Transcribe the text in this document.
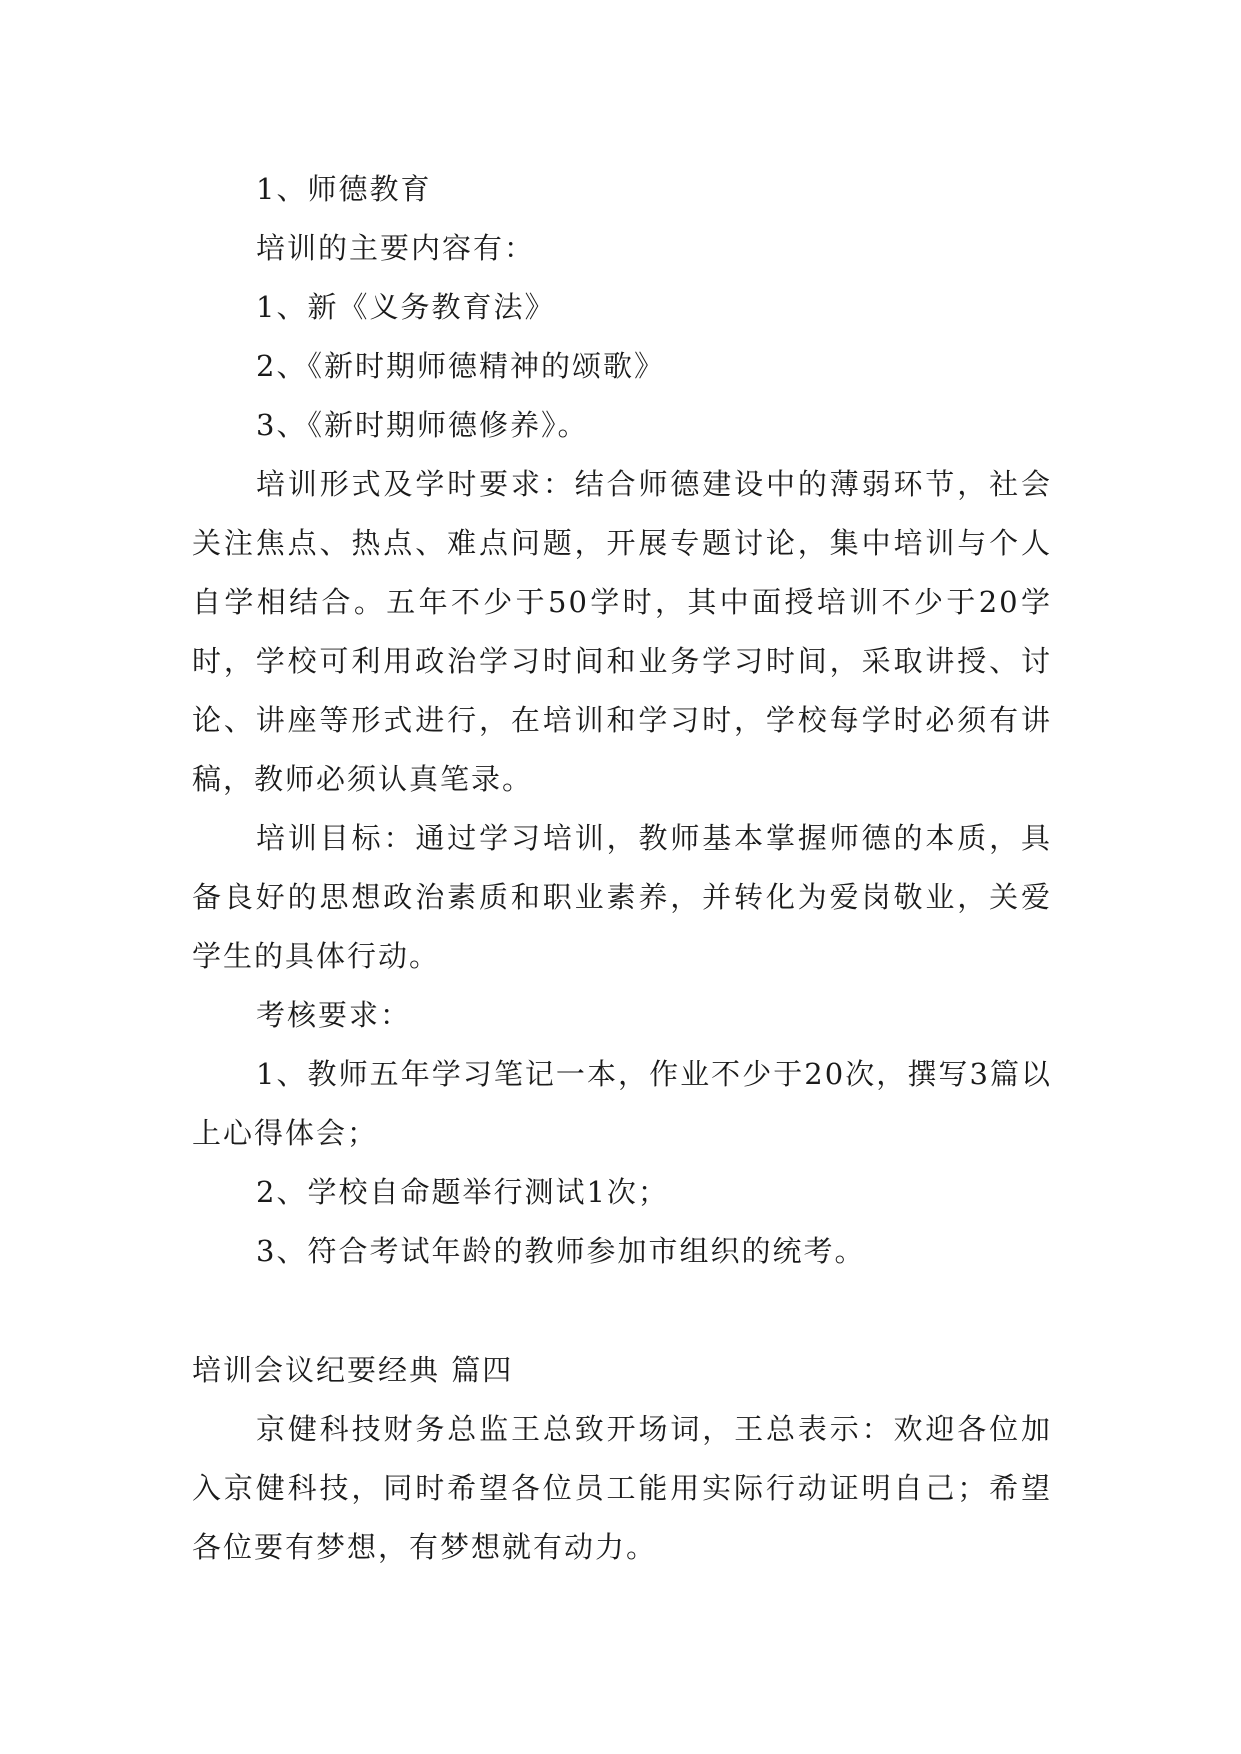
1、师德教育

培训的主要内容有：

1、新《义务教育法》

2、《新时期师德精神的颂歌》

3、《新时期师德修养》。

培训形式及学时要求：结合师德建设中的薄弱环节，社会关注焦点、热点、难点问题，开展专题讨论，集中培训与个人自学相结合。五年不少于50学时，其中面授培训不少于20学时，学校可利用政治学习时间和业务学习时间，采取讲授、讨论、讲座等形式进行，在培训和学习时，学校每学时必须有讲稿，教师必须认真笔录。

培训目标：通过学习培训，教师基本掌握师德的本质，具备良好的思想政治素质和职业素养，并转化为爱岗敬业，关爱学生的具体行动。

考核要求：

1、教师五年学习笔记一本，作业不少于20次，撰写3篇以上心得体会；

2、学校自命题举行测试1次；

3、符合考试年龄的教师参加市组织的统考。

培训会议纪要经典 篇四

京健科技财务总监王总致开场词，王总表示：欢迎各位加入京健科技，同时希望各位员工能用实际行动证明自己；希望各位要有梦想，有梦想就有动力。
